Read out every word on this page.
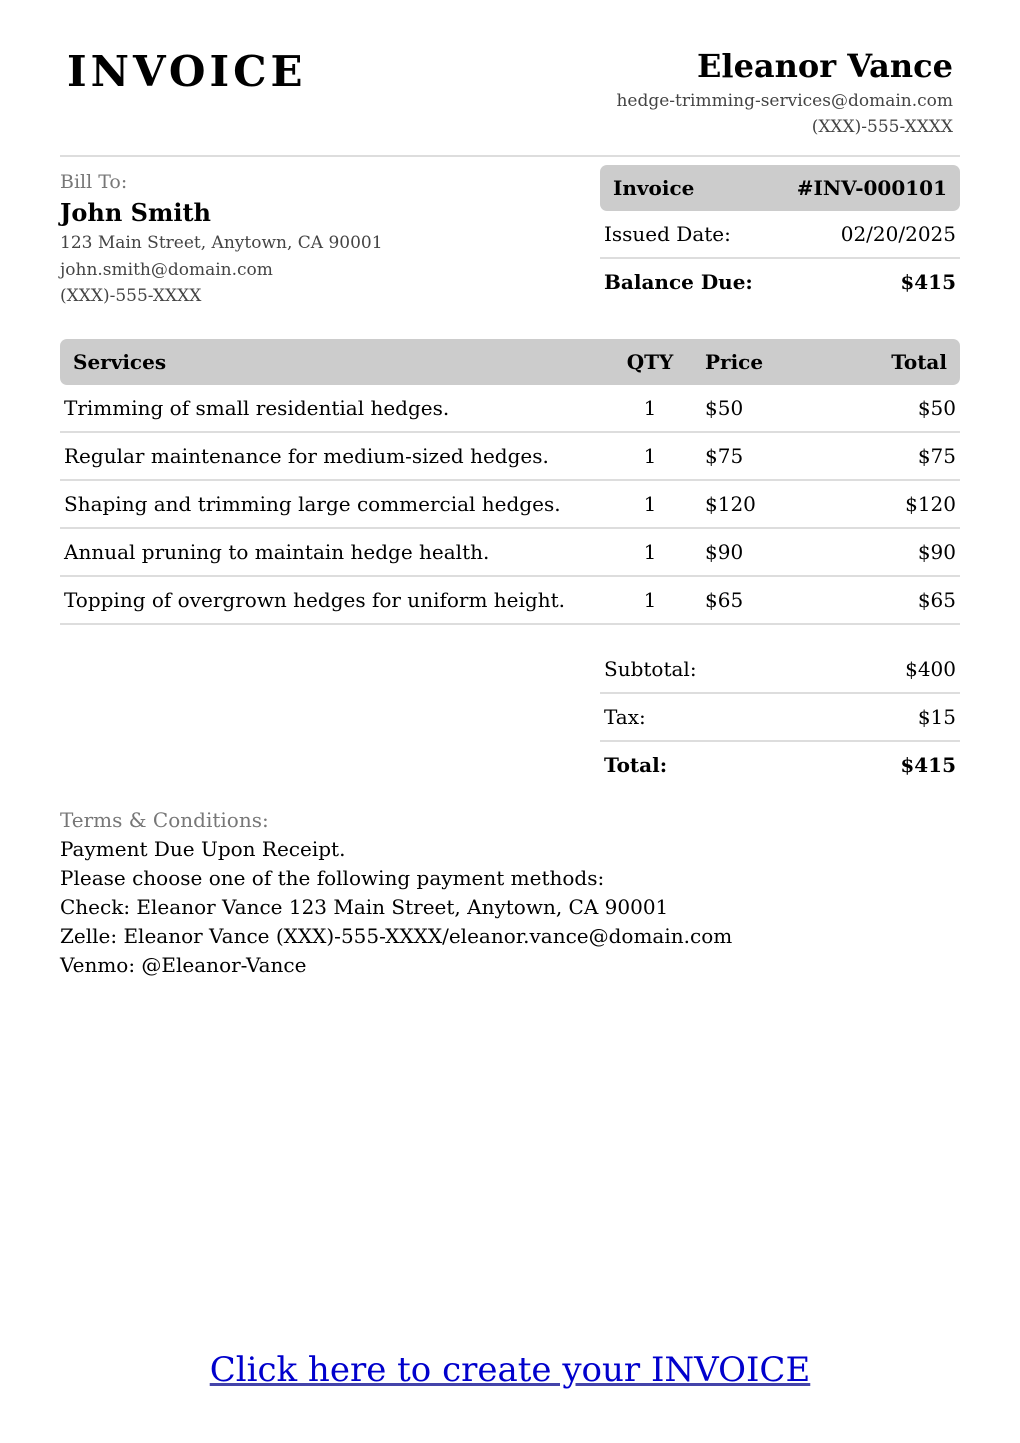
INVOICE	Eleanor Vance
hedge-trimming-services@domain.com
(XXX)-555-XXXX
Bill To:
John Smith
123 Main Street, Anytown, CA 90001
john.smith@domain.com
(XXX)-555-XXXX
Invoice	#INV-000101
Issued Date:	02/20/2025
Balance Due:	$415
Services	QTY	Price	Total
Trimming of small residential hedges.	1	$50	$50
Regular maintenance for medium-sized hedges.	1	$75	$75
Shaping and trimming large commercial hedges.	1	$120	$120
Annual pruning to maintain hedge health.	1	$90	$90
Topping of overgrown hedges for uniform height.	1	$65	$65
Subtotal:	$400
Tax:	$15
Total:	$415
Terms & Conditions:
Payment Due Upon Receipt.
Please choose one of the following payment methods:
Check: Eleanor Vance 123 Main Street, Anytown, CA 90001
Zelle: Eleanor Vance (XXX)-555-XXXX/eleanor.vance@domain.com
Venmo: @Eleanor-Vance
Click here to create your INVOICE
